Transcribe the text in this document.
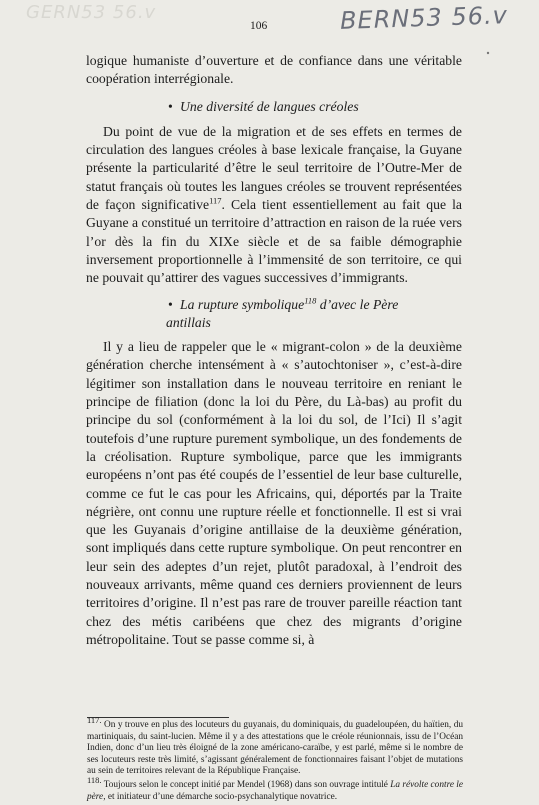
GERN53 56.v
106	BERN53 56.v

logique humaniste d’ouverture et de confiance dans une véritable coopération interrégionale.

• Une diversité de langues créoles

Du point de vue de la migration et de ses effets en termes de circulation des langues créoles à base lexicale française, la Guyane présente la particularité d’être le seul territoire de l’Outre-Mer de statut français où toutes les langues créoles se trouvent représentées de façon significative$^{117}$. Cela tient essentiellement au fait que la Guyane a constitué un territoire d’attraction en raison de la ruée vers l’or dès la fin du XIXe siècle et de sa faible démographie inversement proportionnelle à l’immensité de son territoire, ce qui ne pouvait qu’attirer des vagues successives d’immigrants.

• La rupture symbolique$^{118}$ d’avec le Père
antillais

Il y a lieu de rappeler que le « migrant-colon » de la deuxième génération cherche intensément à « s’autochtoniser », c’est-à-dire légitimer son installation dans le nouveau territoire en reniant le principe de filiation (donc la loi du Père, du Là-bas) au profit du principe du sol (conformément à la loi du sol, de l’Ici) Il s’agit toutefois d’une rupture purement symbolique, un des fondements de la créolisation. Rupture symbolique, parce que les immigrants européens n’ont pas été coupés de l’essentiel de leur base culturelle, comme ce fut le cas pour les Africains, qui, déportés par la Traite négrière, ont connu une rupture réelle et fonctionnelle. Il est si vrai que les Guyanais d’origine antillaise de la deuxième génération, sont impliqués dans cette rupture symbolique. On peut rencontrer en leur sein des adeptes d’un rejet, plutôt paradoxal, à l’endroit des nouveaux arrivants, même quand ces derniers proviennent de leurs territoires d’origine. Il n’est pas rare de trouver pareille réaction tant chez des métis caribéens que chez des migrants d’origine métropolitaine. Tout se passe comme si, à

$^{117.}$ On y trouve en plus des locuteurs du guyanais, du dominiquais, du guadeloupéen, du haïtien, du martiniquais, du saint-lucien. Même il y a des attestations que le créole réunionnais, issu de l’Océan Indien, donc d’un lieu très éloigné de la zone américano-caraïbe, y est parlé, même si le nombre de ses locuteurs reste très limité, s’agissant généralement de fonctionnaires faisant l’objet de mutations au sein de territoires relevant de la République Française.

$^{118.}$ Toujours selon le concept initié par Mendel (1968) dans son ouvrage intitulé La révolte contre le père, et initiateur d’une démarche socio-psychanalytique novatrice.
